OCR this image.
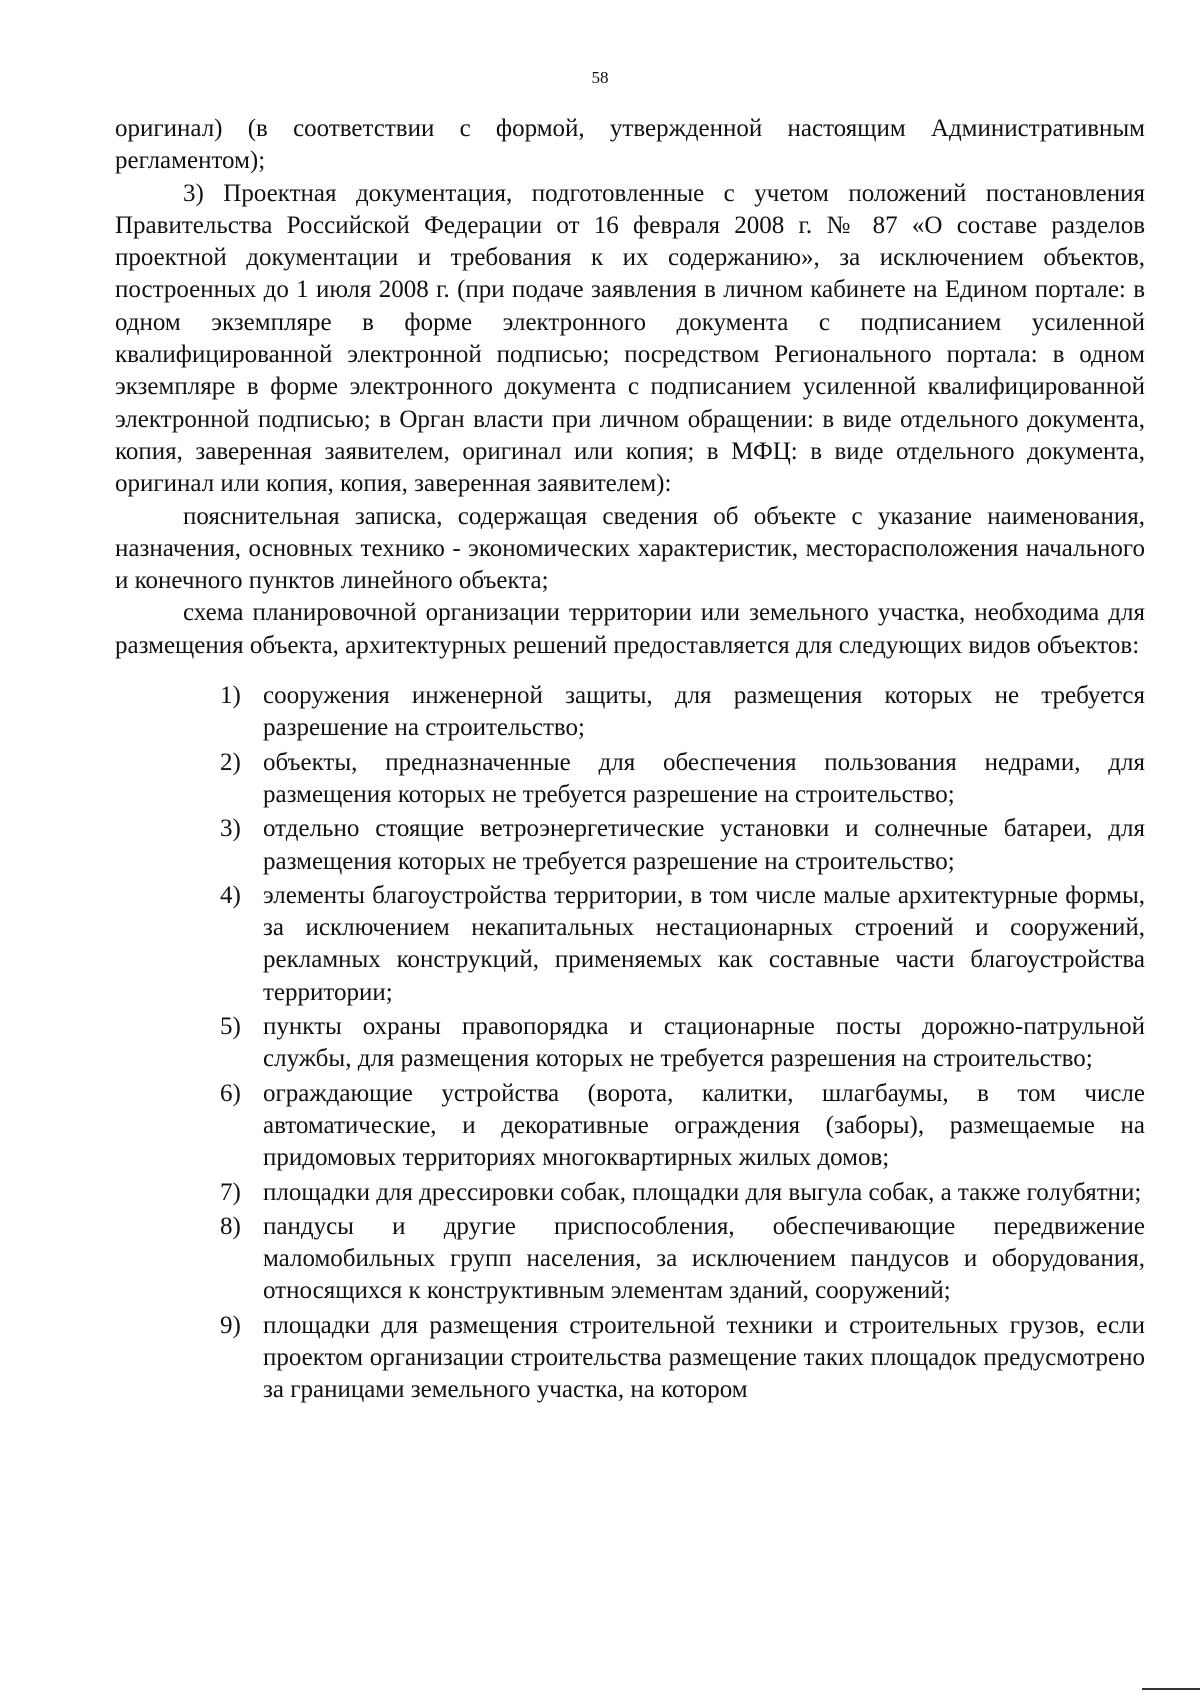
58

оригинал) (в соответствии с формой, утвержденной настоящим Административным регламентом);

3) Проектная документация, подготовленные с учетом положений постановления Правительства Российской Федерации от 16 февраля 2008 г. № 87 «О составе разделов проектной документации и требования к их содержанию», за исключением объектов, построенных до 1 июля 2008 г. (при подаче заявления в личном кабинете на Едином портале: в одном экземпляре в форме электронного документа с подписанием усиленной квалифицированной электронной подписью; посредством Регионального портала: в одном экземпляре в форме электронного документа с подписанием усиленной квалифицированной электронной подписью; в Орган власти при личном обращении: в виде отдельного документа, копия, заверенная заявителем, оригинал или копия; в МФЦ: в виде отдельного документа, оригинал или копия, копия, заверенная заявителем):

пояснительная записка, содержащая сведения об объекте с указание наименования, назначения, основных технико - экономических характеристик, месторасположения начального и конечного пунктов линейного объекта;

схема планировочной организации территории или земельного участка, необходима для размещения объекта, архитектурных решений предоставляется для следующих видов объектов:

1) сооружения инженерной защиты, для размещения которых не требуется разрешение на строительство;
2) объекты, предназначенные для обеспечения пользования недрами, для размещения которых не требуется разрешение на строительство;
3) отдельно стоящие ветроэнергетические установки и солнечные батареи, для размещения которых не требуется разрешение на строительство;
4) элементы благоустройства территории, в том числе малые архитектурные формы, за исключением некапитальных нестационарных строений и сооружений, рекламных конструкций, применяемых как составные части благоустройства территории;
5) пункты охраны правопорядка и стационарные посты дорожно-патрульной службы, для размещения которых не требуется разрешения на строительство;
6) ограждающие устройства (ворота, калитки, шлагбаумы, в том числе автоматические, и декоративные ограждения (заборы), размещаемые на придомовых территориях многоквартирных жилых домов;
7) площадки для дрессировки собак, площадки для выгула собак, а также голубятни;
8) пандусы и другие приспособления, обеспечивающие передвижение маломобильных групп населения, за исключением пандусов и оборудования, относящихся к конструктивным элементам зданий, сооружений;
9) площадки для размещения строительной техники и строительных грузов, если проектом организации строительства размещение таких площадок предусмотрено за границами земельного участка, на котором
